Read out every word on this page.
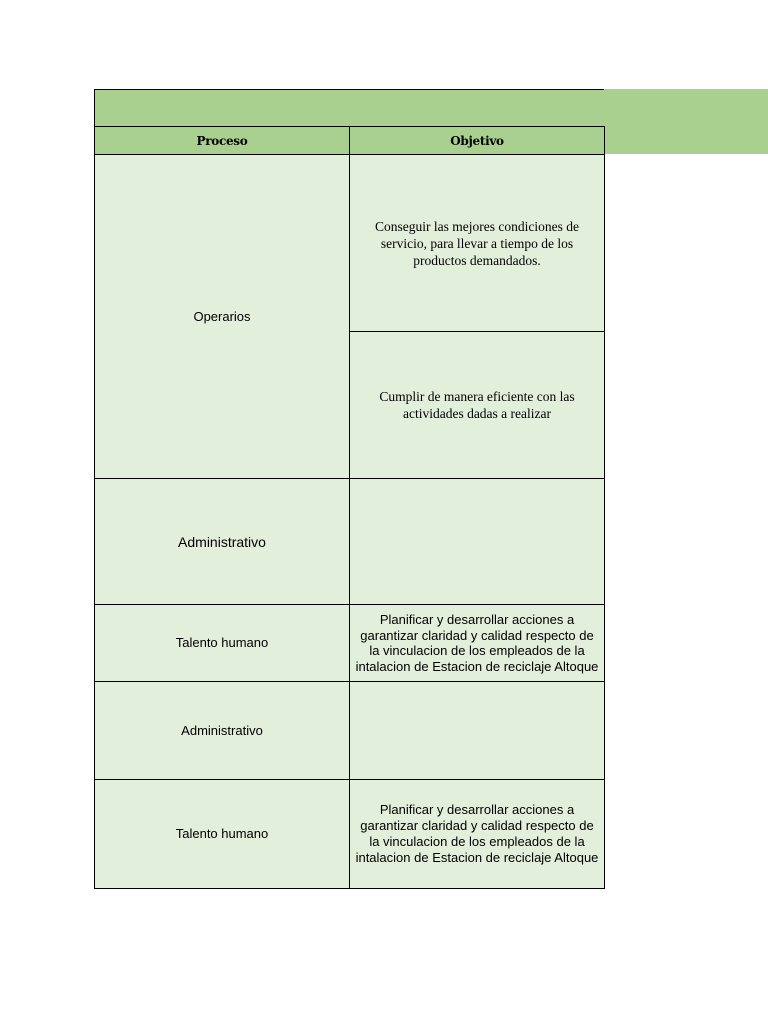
Proceso	Objetivo
Operarios
Conseguir las mejores condiciones de servicio, para llevar a tiempo de los productos demandados.
Cumplir de manera eficiente con las actividades dadas a realizar
Administrativo
Talento humano
Planificar y desarrollar acciones a garantizar claridad y calidad respecto de la vinculacion de los empleados de la intalacion de Estacion de reciclaje Altoque
Administrativo
Talento humano
Planificar y desarrollar acciones a garantizar claridad y calidad respecto de la vinculacion de los empleados de la intalacion de Estacion de reciclaje Altoque
